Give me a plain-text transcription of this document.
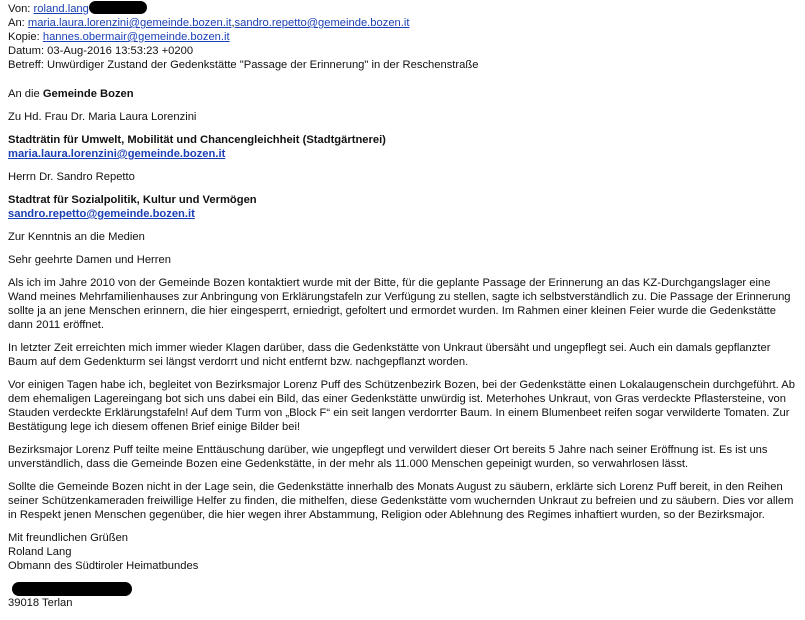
Von: roland.lang
An: maria.laura.lorenzini@gemeinde.bozen.it,sandro.repetto@gemeinde.bozen.it
Kopie: hannes.obermair@gemeinde.bozen.it
Datum: 03-Aug-2016 13:53:23 +0200
Betreff: Unwürdiger Zustand der Gedenkstätte "Passage der Erinnerung" in der Reschenstraße
An die Gemeinde Bozen
Zu Hd. Frau Dr. Maria Laura Lorenzini
Stadträtin für Umwelt, Mobilität und Chancengleichheit (Stadtgärtnerei)
maria.laura.lorenzini@gemeinde.bozen.it
Herrn Dr. Sandro Repetto
Stadtrat für Sozialpolitik, Kultur und Vermögen
sandro.repetto@gemeinde.bozen.it
Zur Kenntnis an die Medien
Sehr geehrte Damen und Herren

Als ich im Jahre 2010 von der Gemeinde Bozen kontaktiert wurde mit der Bitte, für die geplante Passage der Erinnerung an das KZ-Durchgangslager eine Wand meines Mehrfamilienhauses zur Anbringung von Erklärungstafeln zur Verfügung zu stellen, sagte ich selbstverständlich zu. Die Passage der Erinnerung sollte ja an jene Menschen erinnern, die hier eingesperrt, erniedrigt, gefoltert und ermordet wurden. Im Rahmen einer kleinen Feier wurde die Gedenkstätte dann 2011 eröffnet.

In letzter Zeit erreichten mich immer wieder Klagen darüber, dass die Gedenkstätte von Unkraut übersäht und ungepflegt sei. Auch ein damals gepflanzter Baum auf dem Gedenkturm sei längst verdorrt und nicht entfernt bzw. nachgepflanzt worden.

Vor einigen Tagen habe ich, begleitet von Bezirksmajor Lorenz Puff des Schützenbezirk Bozen, bei der Gedenkstätte einen Lokalaugenschein durchgeführt. Ab dem ehemaligen Lagereingang bot sich uns dabei ein Bild, das einer Gedenkstätte unwürdig ist. Meterhohes Unkraut, von Gras verdeckte Pflastersteine, von Stauden verdeckte Erklärungstafeln! Auf dem Turm von „Block F“ ein seit langen verdorrter Baum. In einem Blumenbeet reifen sogar verwilderte Tomaten. Zur Bestätigung lege ich diesem offenen Brief einige Bilder bei!

Bezirksmajor Lorenz Puff teilte meine Enttäuschung darüber, wie ungepflegt und verwildert dieser Ort bereits 5 Jahre nach seiner Eröffnung ist. Es ist uns unverständlich, dass die Gemeinde Bozen eine Gedenkstätte, in der mehr als 11.000 Menschen gepeinigt wurden, so verwahrlosen lässt.

Sollte die Gemeinde Bozen nicht in der Lage sein, die Gedenkstätte innerhalb des Monats August zu säubern, erklärte sich Lorenz Puff bereit, in den Reihen seiner Schützenkameraden freiwillige Helfer zu finden, die mithelfen, diese Gedenkstätte vom wuchernden Unkraut zu befreien und zu säubern. Dies vor allem in Respekt jenen Menschen gegenüber, die hier wegen ihrer Abstammung, Religion oder Ablehnung des Regimes inhaftiert wurden, so der Bezirksmajor.

Mit freundlichen Grüßen
Roland Lang
Obmann des Südtiroler Heimatbundes
39018 Terlan
